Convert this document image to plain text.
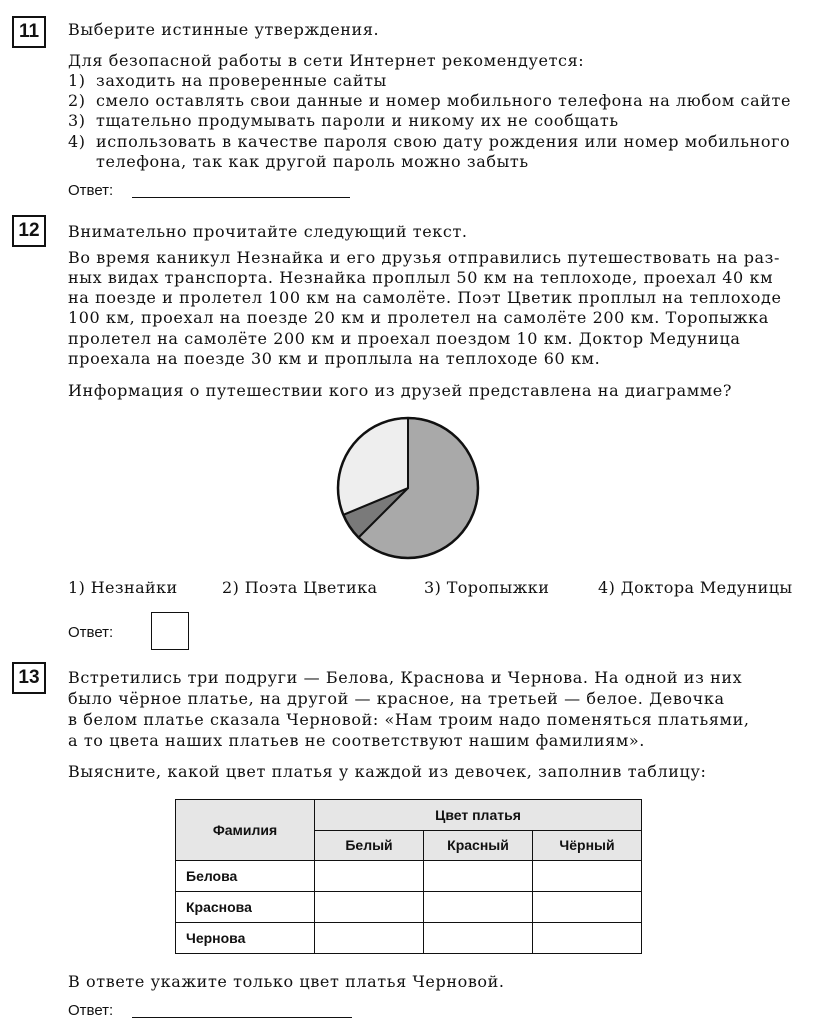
11	Выберите истинные утверждения.
Для безопасной работы в сети Интернет рекомендуется:
1) заходить на проверенные сайты
2) смело оставлять свои данные и номер мобильного телефона на любом сайте
3) тщательно продумывать пароли и никому их не сообщать
4) использовать в качестве пароля свою дату рождения или номер мобильного
телефона, так как другой пароль можно забыть
Ответ:
12	Внимательно прочитайте следующий текст.
Во время каникул Незнайка и его друзья отправились путешествовать на раз-
ных видах транспорта. Незнайка проплыл 50 км на теплоходе, проехал 40 км
на поезде и пролетел 100 км на самолёте. Поэт Цветик проплыл на теплоходе
100 км, проехал на поезде 20 км и пролетел на самолёте 200 км. Торопыжка
пролетел на самолёте 200 км и проехал поездом 10 км. Доктор Медуница
проехала на поезде 30 км и проплыла на теплоходе 60 км.
Информация о путешествии кого из друзей представлена на диаграмме?
1) Незнайки	2) Поэта Цветика	3) Торопыжки	4) Доктора Медуницы
Ответ:
13	Встретились три подруги — Белова, Краснова и Чернова. На одной из них
было чёрное платье, на другой — красное, на третьей — белое. Девочка
в белом платье сказала Черновой: «Нам троим надо поменяться платьями,
а то цвета наших платьев не соответствуют нашим фамилиям».
Выясните, какой цвет платья у каждой из девочек, заполнив таблицу:
Фамилия	Цвет платья		
	Белый	Красный	Чёрный
Белова			
Краснова			
Чернова			
В ответе укажите только цвет платья Черновой.
Ответ:
